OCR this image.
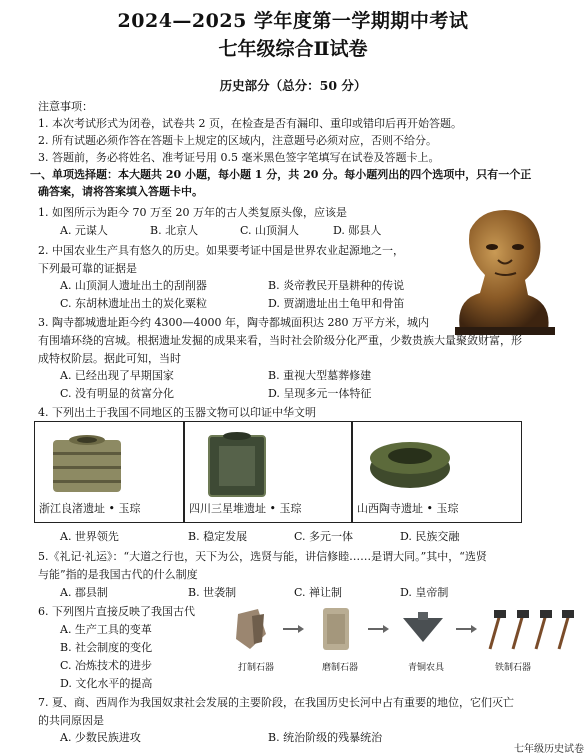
2024—2025 学年度第一学期期中考试
七年级综合Ⅱ试卷
历史部分（总分：50 分）
注意事项：
1. 本次考试形式为闭卷，试卷共 2 页，在检查是否有漏印、重印或错印后再开始答题。
2. 所有试题必须作答在答题卡上规定的区域内，注意题号必须对应，否则不给分。
3. 答题前，务必将姓名、准考证号用 0.5 毫米黑色签字笔填写在试卷及答题卡上。
一、单项选择题：本大题共 20 小题，每小题 1 分，共 20 分。每小题列出的四个选项中，只有一个正
确答案，请将答案填入答题卡中。
1. 如图所示为距今 70 万至 20 万年的古人类复原头像，应该是
A. 元谋人	B. 北京人	C. 山顶洞人	D. 郧县人
2. 中国农业生产具有悠久的历史。如果要考证中国是世界农业起源地之一，
下列最可靠的证据是
A. 山顶洞人遗址出土的刮削器	B. 炎帝教民开垦耕种的传说
C. 东胡林遗址出土的炭化粟粒	D. 贾湖遗址出土龟甲和骨笛
3. 陶寺都城遗址距今约 4300—4000 年，陶寺都城面积达 280 万平方米，城内
有围墙环绕的宫城。根据遗址发掘的成果来看，当时社会阶级分化严重，少数贵族大量聚敛财富，形
成特权阶层。据此可知，当时
A. 已经出现了早期国家	B. 重视大型墓葬修建
C. 没有明显的贫富分化	D. 呈现多元一体特征
4. 下列出土于我国不同地区的玉器文物可以印证中华文明
浙江良渚遗址 • 玉琮	四川三星堆遗址 • 玉琮	山西陶寺遗址 • 玉琮
A. 世界领先	B. 稳定发展	C. 多元一体	D. 民族交融
5.《礼记·礼运》：“大道之行也，天下为公，选贤与能，讲信修睦……是谓大同。”其中，“选贤
与能”指的是我国古代的什么制度
A. 郡县制	B. 世袭制	C. 禅让制	D. 皇帝制
6. 下列图片直接反映了我国古代
A. 生产工具的变革
B. 社会制度的变化
C. 冶炼技术的进步
D. 文化水平的提高
打制石器	磨制石器	青铜农具	铁制石器
7. 夏、商、西周作为我国奴隶社会发展的主要阶段，在我国历史长河中占有重要的地位，它们灭亡
的共同原因是
A. 少数民族进攻	B. 统治阶级的残暴统治
七年级历史试卷
